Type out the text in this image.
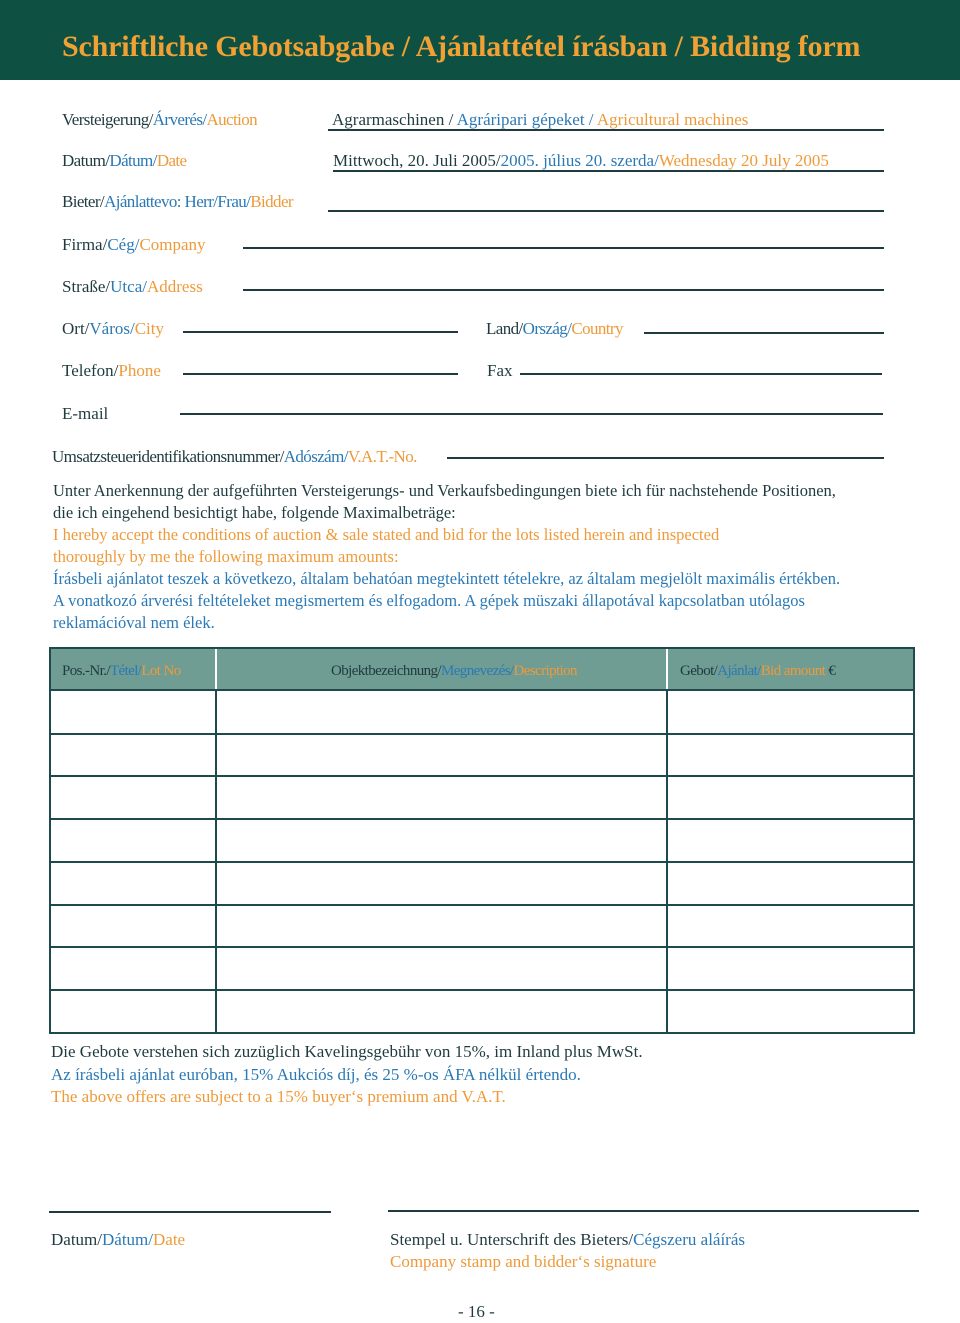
Schriftliche Gebotsabgabe / Ajánlattétel írásban / Bidding form
Versteigerung/Árverés/Auction	Agrarmaschinen / Agráripari gépeket / Agricultural machines
Datum/Dátum/Date	Mittwoch, 20. Juli 2005/2005. július 20. szerda/Wednesday 20 July 2005
Bieter/Ajánlattevo: Herr/Frau/Bidder
Firma/Cég/Company
Straße/Utca/Address
Ort/Város/City	Land/Ország/Country
Telefon/Phone	Fax
E-mail
Umsatzsteueridentifikationsnummer/Adószám/V.A.T.-No.
Unter Anerkennung der aufgeführten Versteigerungs- und Verkaufsbedingungen biete ich für nachstehende Positionen,
die ich eingehend besichtigt habe, folgende Maximalbeträge:
I hereby accept the conditions of auction & sale stated and bid for the lots listed herein and inspected
thoroughly by me the following maximum amounts:
Írásbeli ajánlatot teszek a következo, általam behatóan megtekintett tételekre, az általam megjelölt maximális értékben.
A vonatkozó árverési feltételeket megismertem és elfogadom. A gépek müszaki állapotával kapcsolatban utólagos
reklamációval nem élek.
Pos.-Nr./Tétel/Lot No	Objektbezeichnung/Megnevezés/Description	Gebot/Ajánlat/Bid amount €
Die Gebote verstehen sich zuzüglich Kavelingsgebühr von 15%, im Inland plus MwSt.
Az írásbeli ajánlat euróban, 15% Aukciós díj, és 25 %-os ÁFA nélkül értendo.
The above offers are subject to a 15% buyer‘s premium and V.A.T.
Datum/Dátum/Date	Stempel u. Unterschrift des Bieters/Cégszeru aláírás
Company stamp and bidder‘s signature
- 16 -
